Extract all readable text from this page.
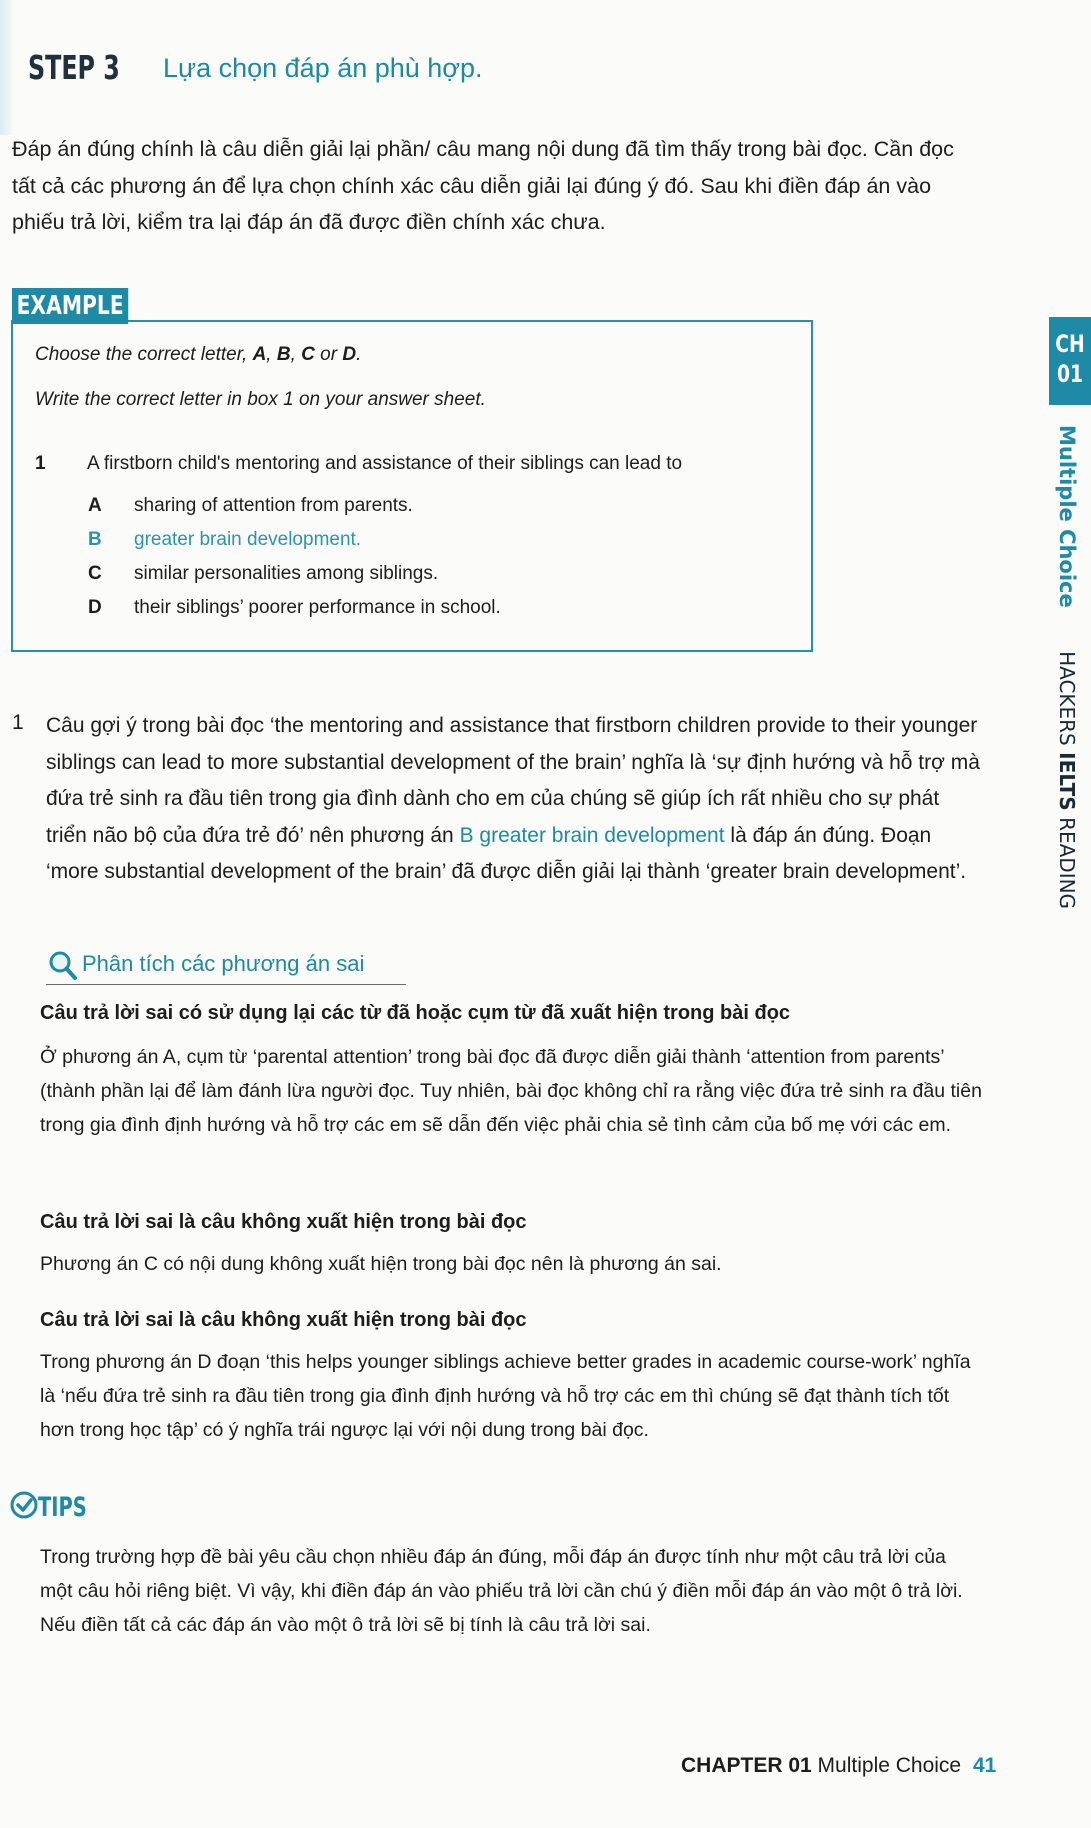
STEP 3 Lựa chọn đáp án phù hợp.

Đáp án đúng chính là câu diễn giải lại phần/ câu mang nội dung đã tìm thấy trong bài đọc. Cần đọc tất cả các phương án để lựa chọn chính xác câu diễn giải lại đúng ý đó. Sau khi điền đáp án vào phiếu trả lời, kiểm tra lại đáp án đã được điền chính xác chưa.

EXAMPLE
Choose the correct letter, A, B, C or D.
Write the correct letter in box 1 on your answer sheet.
1 A firstborn child's mentoring and assistance of their siblings can lead to
A sharing of attention from parents.
B greater brain development.
C similar personalities among siblings.
D their siblings’ poorer performance in school.
1 Câu gợi ý trong bài đọc ‘the mentoring and assistance that firstborn children provide to their younger siblings can lead to more substantial development of the brain’ nghĩa là ‘sự định hướng và hỗ trợ mà đứa trẻ sinh ra đầu tiên trong gia đình dành cho em của chúng sẽ giúp ích rất nhiều cho sự phát triển não bộ của đứa trẻ đó’ nên phương án B greater brain development là đáp án đúng. Đoạn ‘more substantial development of the brain’ đã được diễn giải lại thành ‘greater brain development’.

Phân tích các phương án sai
Câu trả lời sai có sử dụng lại các từ đã hoặc cụm từ đã xuất hiện trong bài đọc

Ở phương án A, cụm từ ‘parental attention’ trong bài đọc đã được diễn giải thành ‘attention from parents’ (thành phần lại để làm đánh lừa người đọc. Tuy nhiên, bài đọc không chỉ ra rằng việc đứa trẻ sinh ra đầu tiên trong gia đình định hướng và hỗ trợ các em sẽ dẫn đến việc phải chia sẻ tình cảm của bố mẹ với các em.

Câu trả lời sai là câu không xuất hiện trong bài đọc

Phương án C có nội dung không xuất hiện trong bài đọc nên là phương án sai.

Câu trả lời sai là câu không xuất hiện trong bài đọc

Trong phương án D đoạn ‘this helps younger siblings achieve better grades in academic course-work’ nghĩa là ‘nếu đứa trẻ sinh ra đầu tiên trong gia đình định hướng và hỗ trợ các em thì chúng sẽ đạt thành tích tốt hơn trong học tập’ có ý nghĩa trái ngược lại với nội dung trong bài đọc.

TIPS

Trong trường hợp đề bài yêu cầu chọn nhiều đáp án đúng, mỗi đáp án được tính như một câu trả lời của một câu hỏi riêng biệt. Vì vậy, khi điền đáp án vào phiếu trả lời cần chú ý điền mỗi đáp án vào một ô trả lời. Nếu điền tất cả các đáp án vào một ô trả lời sẽ bị tính là câu trả lời sai.

CH
01
Multiple Choice   HACKERS IELTS READING
CHAPTER 01 Multiple Choice 41
